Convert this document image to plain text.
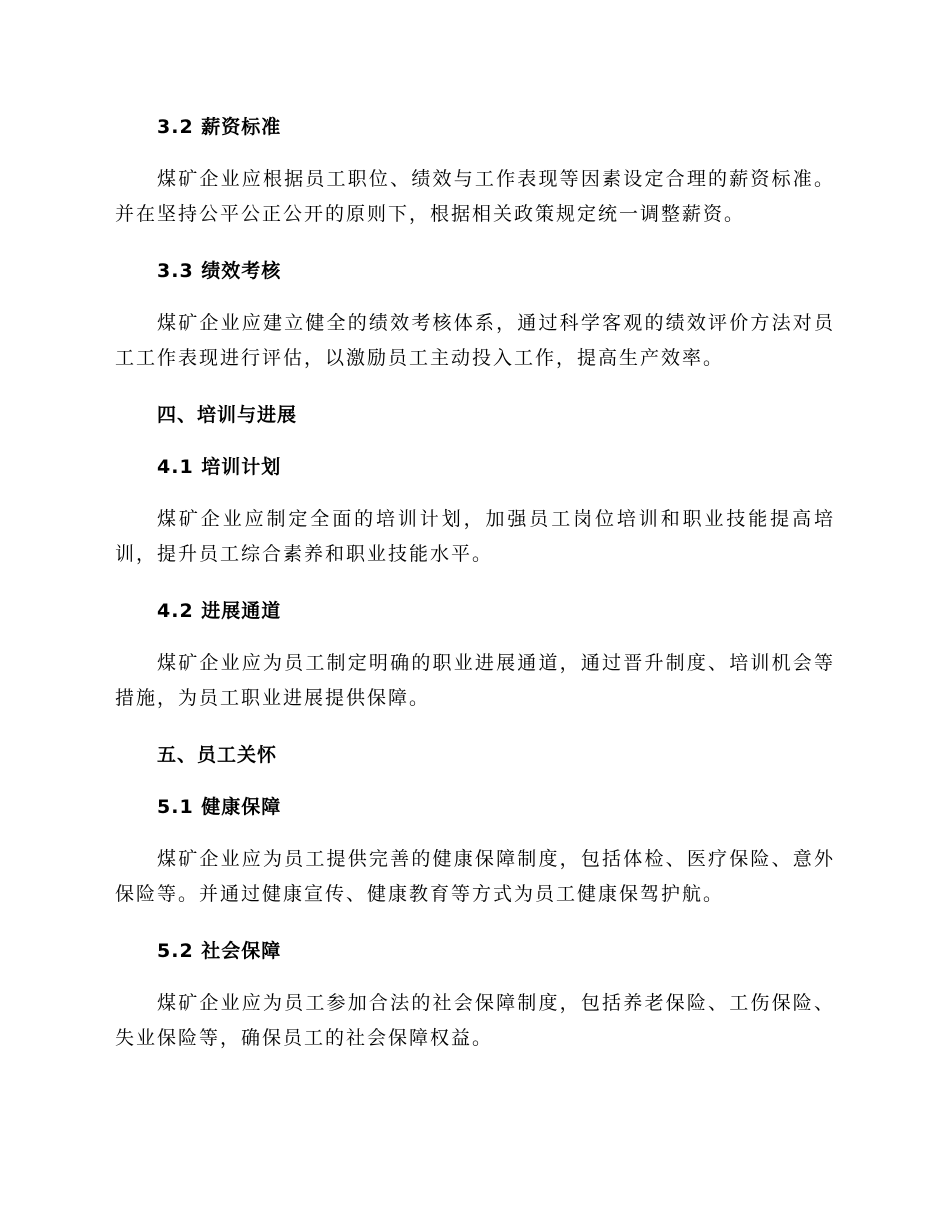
3.2 薪资标准

煤矿企业应根据员工职位、绩效与工作表现等因素设定合理的薪资标准。并在坚持公平公正公开的原则下，根据相关政策规定统一调整薪资。

3.3 绩效考核

煤矿企业应建立健全的绩效考核体系，通过科学客观的绩效评价方法对员工工作表现进行评估，以激励员工主动投入工作，提高生产效率。

四、培训与进展

4.1 培训计划

煤矿企业应制定全面的培训计划，加强员工岗位培训和职业技能提高培训，提升员工综合素养和职业技能水平。

4.2 进展通道

煤矿企业应为员工制定明确的职业进展通道，通过晋升制度、培训机会等措施，为员工职业进展提供保障。

五、员工关怀

5.1 健康保障

煤矿企业应为员工提供完善的健康保障制度，包括体检、医疗保险、意外保险等。并通过健康宣传、健康教育等方式为员工健康保驾护航。

5.2 社会保障

煤矿企业应为员工参加合法的社会保障制度，包括养老保险、工伤保险、失业保险等，确保员工的社会保障权益。
